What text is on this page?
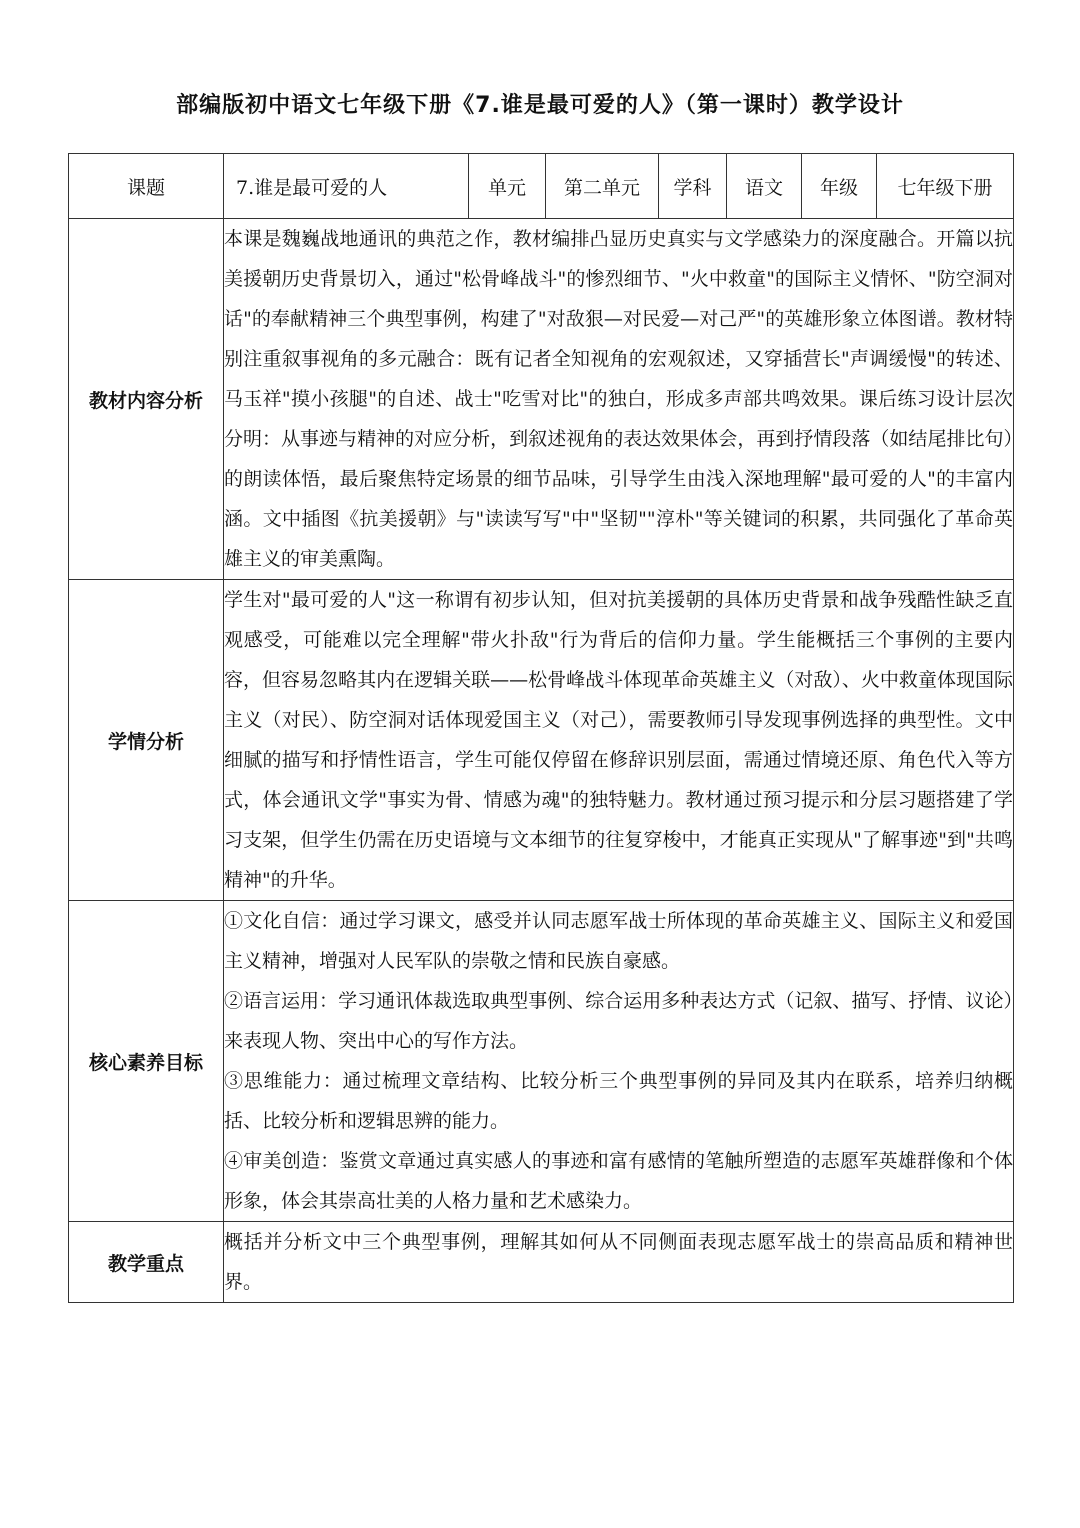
部编版初中语文七年级下册《7.谁是最可爱的人》（第一课时）教学设计
课题	7.谁是最可爱的人	单元	第二单元	学科	语文	年级	七年级下册
教材内容分析	本课是魏巍战地通讯的典范之作，教材编排凸显历史真实与文学感染力的深度融合。开篇以抗美援朝历史背景切入，通过"松骨峰战斗"的惨烈细节、"火中救童"的国际主义情怀、"防空洞对话"的奉献精神三个典型事例，构建了"对敌狠—对民爱—对己严"的英雄形象立体图谱。教材特别注重叙事视角的多元融合：既有记者全知视角的宏观叙述，又穿插营长"声调缓慢"的转述、马玉祥"摸小孩腿"的自述、战士"吃雪对比"的独白，形成多声部共鸣效果。课后练习设计层次分明：从事迹与精神的对应分析，到叙述视角的表达效果体会，再到抒情段落（如结尾排比句）的朗读体悟，最后聚焦特定场景的细节品味，引导学生由浅入深地理解"最可爱的人"的丰富内涵。文中插图《抗美援朝》与"读读写写"中"坚韧""淳朴"等关键词的积累，共同强化了革命英雄主义的审美熏陶。						

学情分析	学生对"最可爱的人"这一称谓有初步认知，但对抗美援朝的具体历史背景和战争残酷性缺乏直观感受，可能难以完全理解"带火扑敌"行为背后的信仰力量。学生能概括三个事例的主要内容，但容易忽略其内在逻辑关联——松骨峰战斗体现革命英雄主义（对敌）、火中救童体现国际主义（对民）、防空洞对话体现爱国主义（对己），需要教师引导发现事例选择的典型性。文中细腻的描写和抒情性语言，学生可能仅停留在修辞识别层面，需通过情境还原、角色代入等方式，体会通讯文学"事实为骨、情感为魂"的独特魅力。教材通过预习提示和分层习题搭建了学习支架，但学生仍需在历史语境与文本细节的往复穿梭中，才能真正实现从"了解事迹"到"共鸣精神"的升华。						

核心素养目标	①文化自信：通过学习课文，感受并认同志愿军战士所体现的革命英雄主义、国际主义和爱国主义精神，增强对人民军队的崇敬之情和民族自豪感。

②语言运用：学习通讯体裁选取典型事例、综合运用多种表达方式（记叙、描写、抒情、议论）来表现人物、突出中心的写作方法。

③思维能力：通过梳理文章结构、比较分析三个典型事例的异同及其内在联系，培养归纳概括、比较分析和逻辑思辨的能力。

④审美创造：鉴赏文章通过真实感人的事迹和富有感情的笔触所塑造的志愿军英雄群像和个体形象，体会其崇高壮美的人格力量和艺术感染力。						

教学重点	概括并分析文中三个典型事例，理解其如何从不同侧面表现志愿军战士的崇高品质和精神世界。						
